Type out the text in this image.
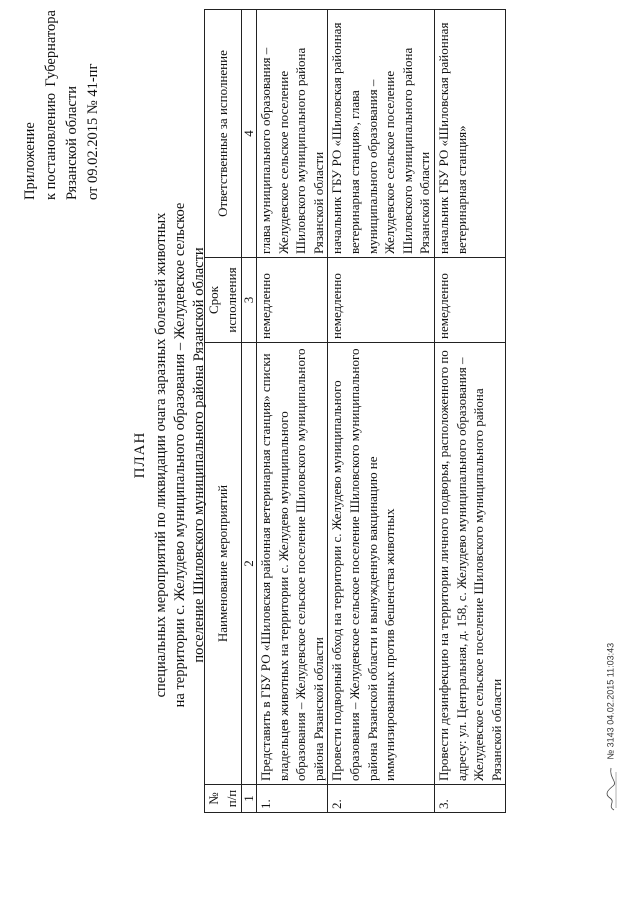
Приложение к постановлению
Губернатора
Рязанской области от 09.02.2015 № 41-пг
ПЛАН специальных мероприятий по ликвидации очага заразных болезней животных на территории с. Желудево муниципального образования – Желудевское сельское поселение Шиловского муниципального района Рязанской области
№ п/п	Наименование мероприятий	Срок исполнения	Ответственные за исполнение
1	2	3	4
1.	Представить в ГБУ РО «Шиловская районная ветеринарная станция» списки владельцев животных на территории с. Желудево муниципального образования – Желудевское сельское поселение Шиловского муниципального района Рязанской области	немедленно	глава муниципального образования – Желудевское сельское поселение Шиловского муниципального района Рязанской области
2.	Провести подворный обход на территории с. Желудево муниципального образования – Желудевское сельское поселение Шиловского муниципального района Рязанской области и вынужденную вакцинацию не иммунизированных против бешенства животных	немедленно	начальник ГБУ РО «Шиловская районная ветеринарная станция», глава муниципального образования – Желудевское сельское поселение Шиловского муниципального района Рязанской области
3.	Провести дезинфекцию на территории личного подворья, расположенного по адресу: ул. Центральная, д. 158, с. Желудево муниципального образования – Желудевское сельское поселение Шиловского муниципального района Рязанской области	немедленно	начальник ГБУ РО «Шиловская районная ветеринарная станция»
№ 3143 04.02.2015 11:03:43
